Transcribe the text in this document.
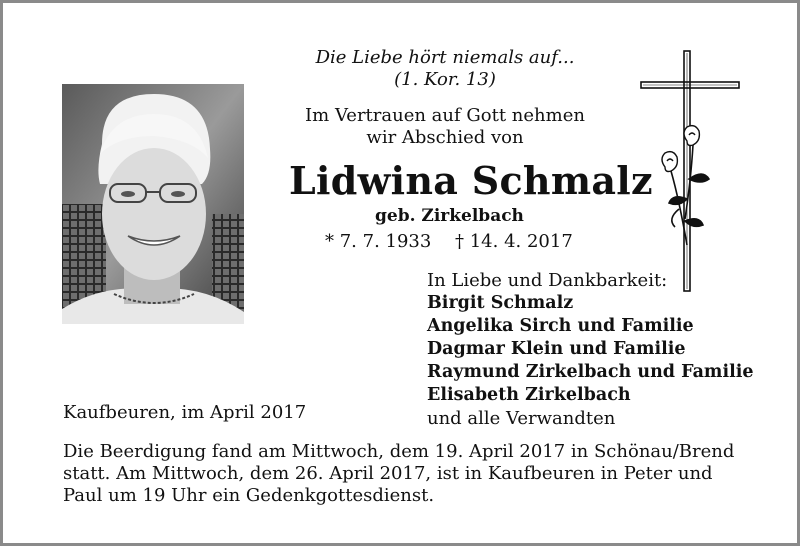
Die Liebe hört niemals auf...
(1. Kor. 13)
Im Vertrauen auf Gott nehmen
wir Abschied von
Lidwina Schmalz
geb. Zirkelbach
* 7. 7. 1933 † 14. 4. 2017
In Liebe und Dankbarkeit:
Birgit Schmalz
Angelika Sirch und Familie
Dagmar Klein und Familie
Raymund Zirkelbach und Familie
Elisabeth Zirkelbach
und alle Verwandten
Kaufbeuren, im April 2017
Die Beerdigung fand am Mittwoch, dem 19. April 2017 in Schönau/Brend
statt. Am Mittwoch, dem 26. April 2017, ist in Kaufbeuren in Peter und
Paul um 19 Uhr ein Gedenkgottesdienst.
